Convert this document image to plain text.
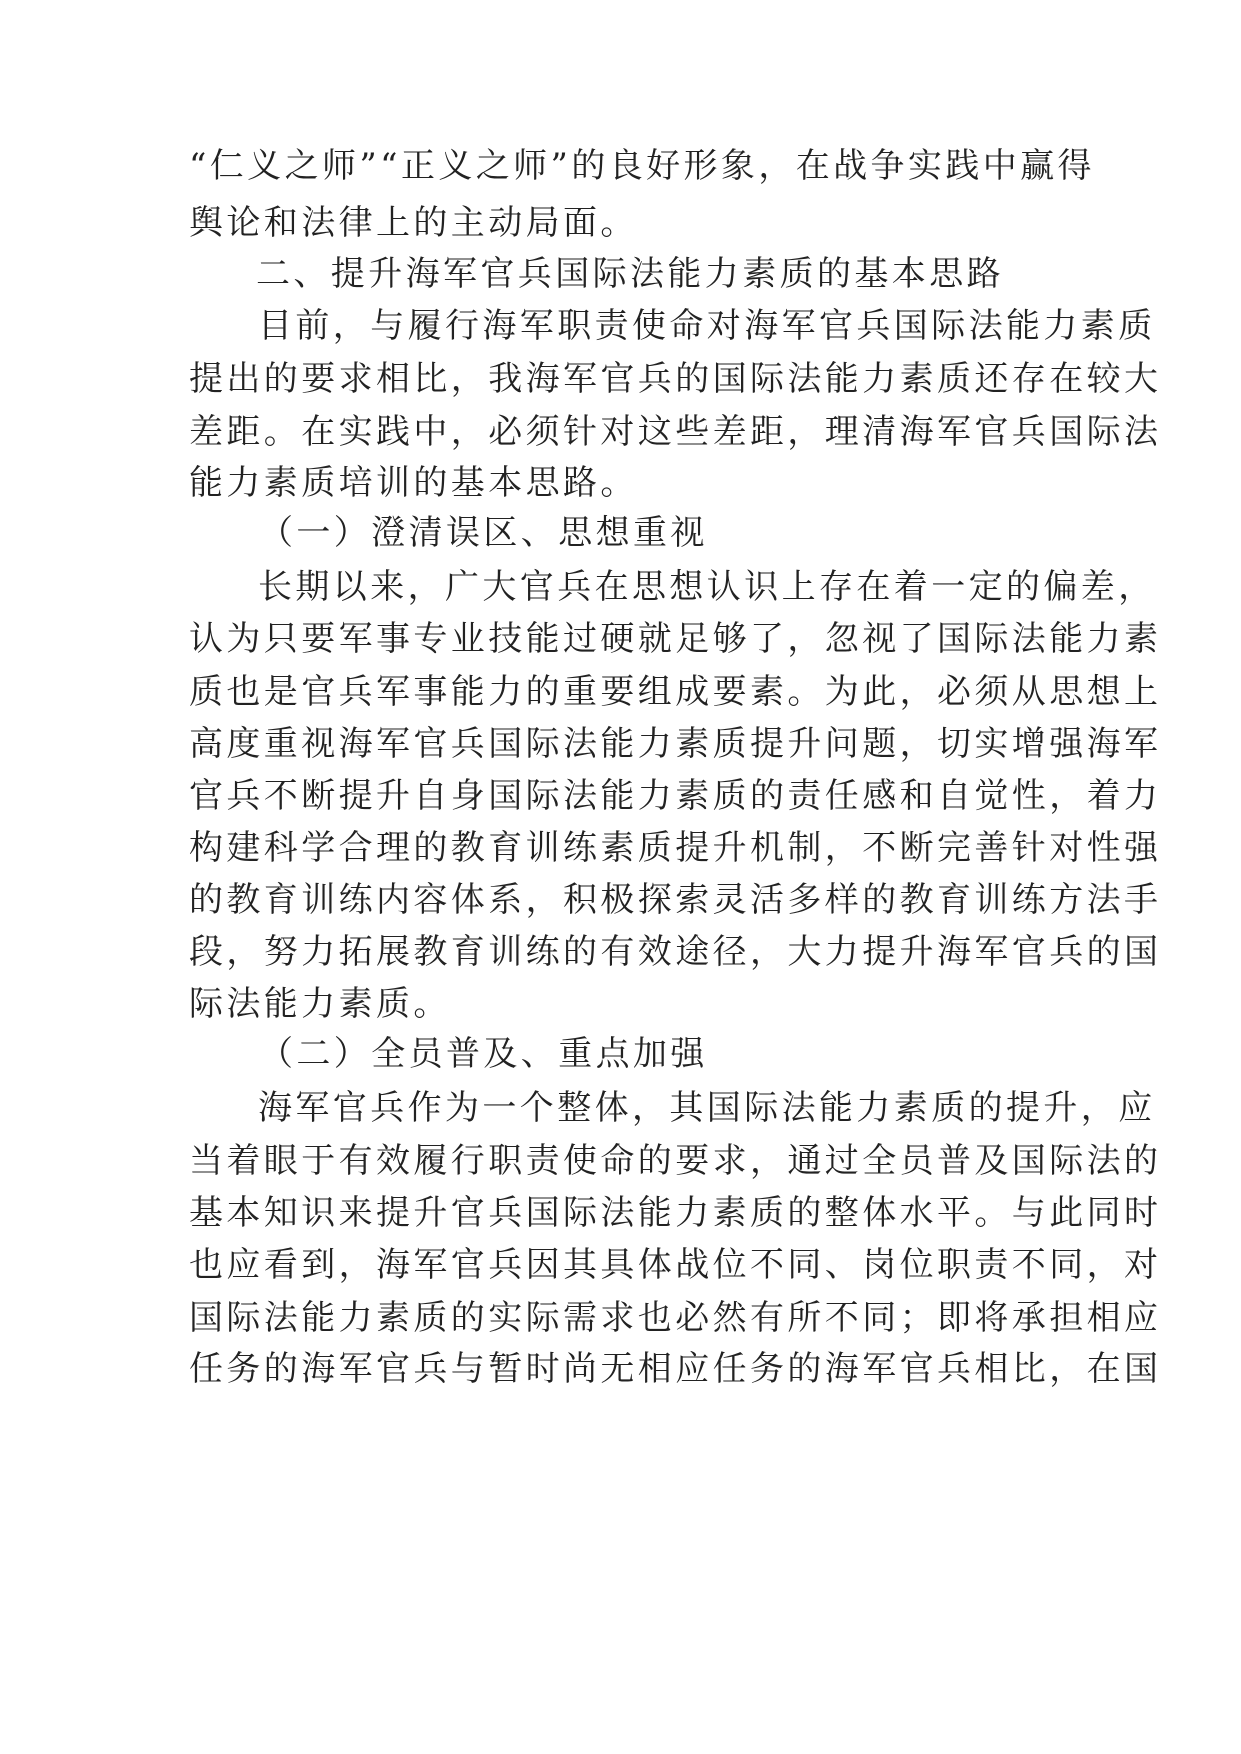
“仁义之师”“正义之师”的良好形象，在战争实践中赢得

舆论和法律上的主动局面。

二、提升海军官兵国际法能力素质的基本思路

目前，与履行海军职责使命对海军官兵国际法能力素质

提出的要求相比，我海军官兵的国际法能力素质还存在较大

差距。在实践中，必须针对这些差距，理清海军官兵国际法

能力素质培训的基本思路。

（一）澄清误区、思想重视

长期以来，广大官兵在思想认识上存在着一定的偏差，

认为只要军事专业技能过硬就足够了，忽视了国际法能力素

质也是官兵军事能力的重要组成要素。为此，必须从思想上

高度重视海军官兵国际法能力素质提升问题，切实增强海军

官兵不断提升自身国际法能力素质的责任感和自觉性，着力

构建科学合理的教育训练素质提升机制，不断完善针对性强

的教育训练内容体系，积极探索灵活多样的教育训练方法手

段，努力拓展教育训练的有效途径，大力提升海军官兵的国

际法能力素质。

（二）全员普及、重点加强

海军官兵作为一个整体，其国际法能力素质的提升，应

当着眼于有效履行职责使命的要求，通过全员普及国际法的

基本知识来提升官兵国际法能力素质的整体水平。与此同时

也应看到，海军官兵因其具体战位不同、岗位职责不同，对

国际法能力素质的实际需求也必然有所不同；即将承担相应

任务的海军官兵与暂时尚无相应任务的海军官兵相比，在国
